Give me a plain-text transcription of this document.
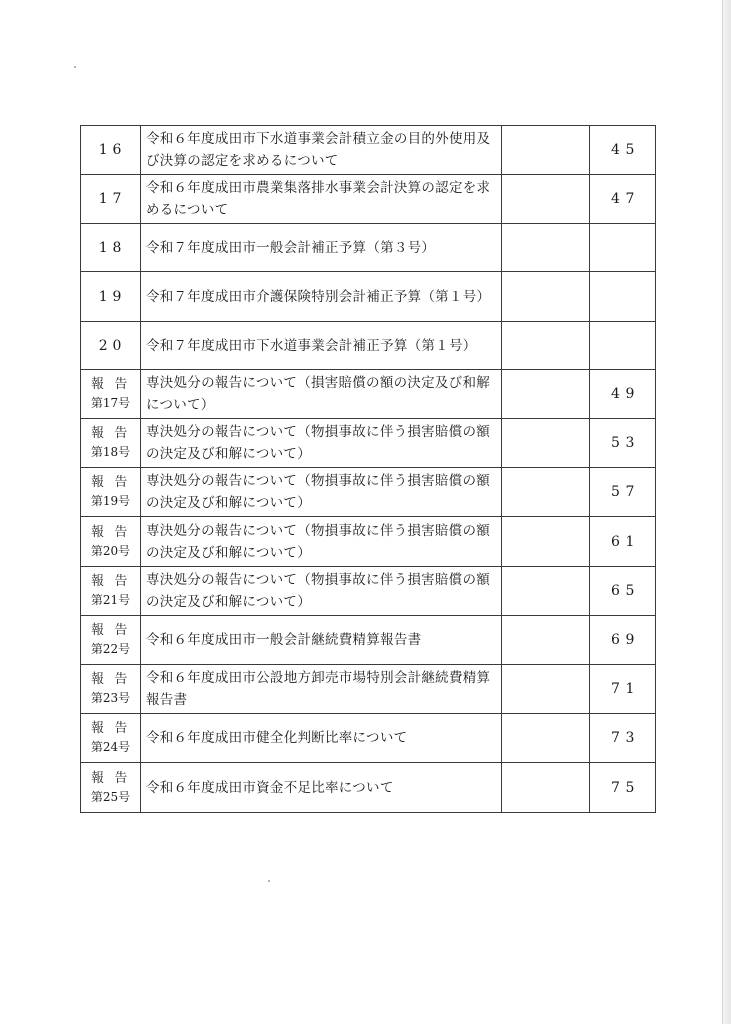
16	令和６年度成田市下水道事業会計積立金の目的外使用及び決算の認定を求めるについて		45
17	令和６年度成田市農業集落排水事業会計決算の認定を求めるについて		47
18	令和７年度成田市一般会計補正予算（第３号）		
19	令和７年度成田市介護保険特別会計補正予算（第１号）		
20	令和７年度成田市下水道事業会計補正予算（第１号）		

報告
第17号	専決処分の報告について（損害賠償の額の決定及び和解について）		49

報告
第18号	専決処分の報告について（物損事故に伴う損害賠償の額の決定及び和解について）		53

報告
第19号	専決処分の報告について（物損事故に伴う損害賠償の額の決定及び和解について）		57

報告
第20号	専決処分の報告について（物損事故に伴う損害賠償の額の決定及び和解について）		61

報告
第21号	専決処分の報告について（物損事故に伴う損害賠償の額の決定及び和解について）		65

報告
第22号	令和６年度成田市一般会計継続費精算報告書		69

報告
第23号	令和６年度成田市公設地方卸売市場特別会計継続費精算報告書		71

報告
第24号	令和６年度成田市健全化判断比率について		73

報告
第25号	令和６年度成田市資金不足比率について		75
